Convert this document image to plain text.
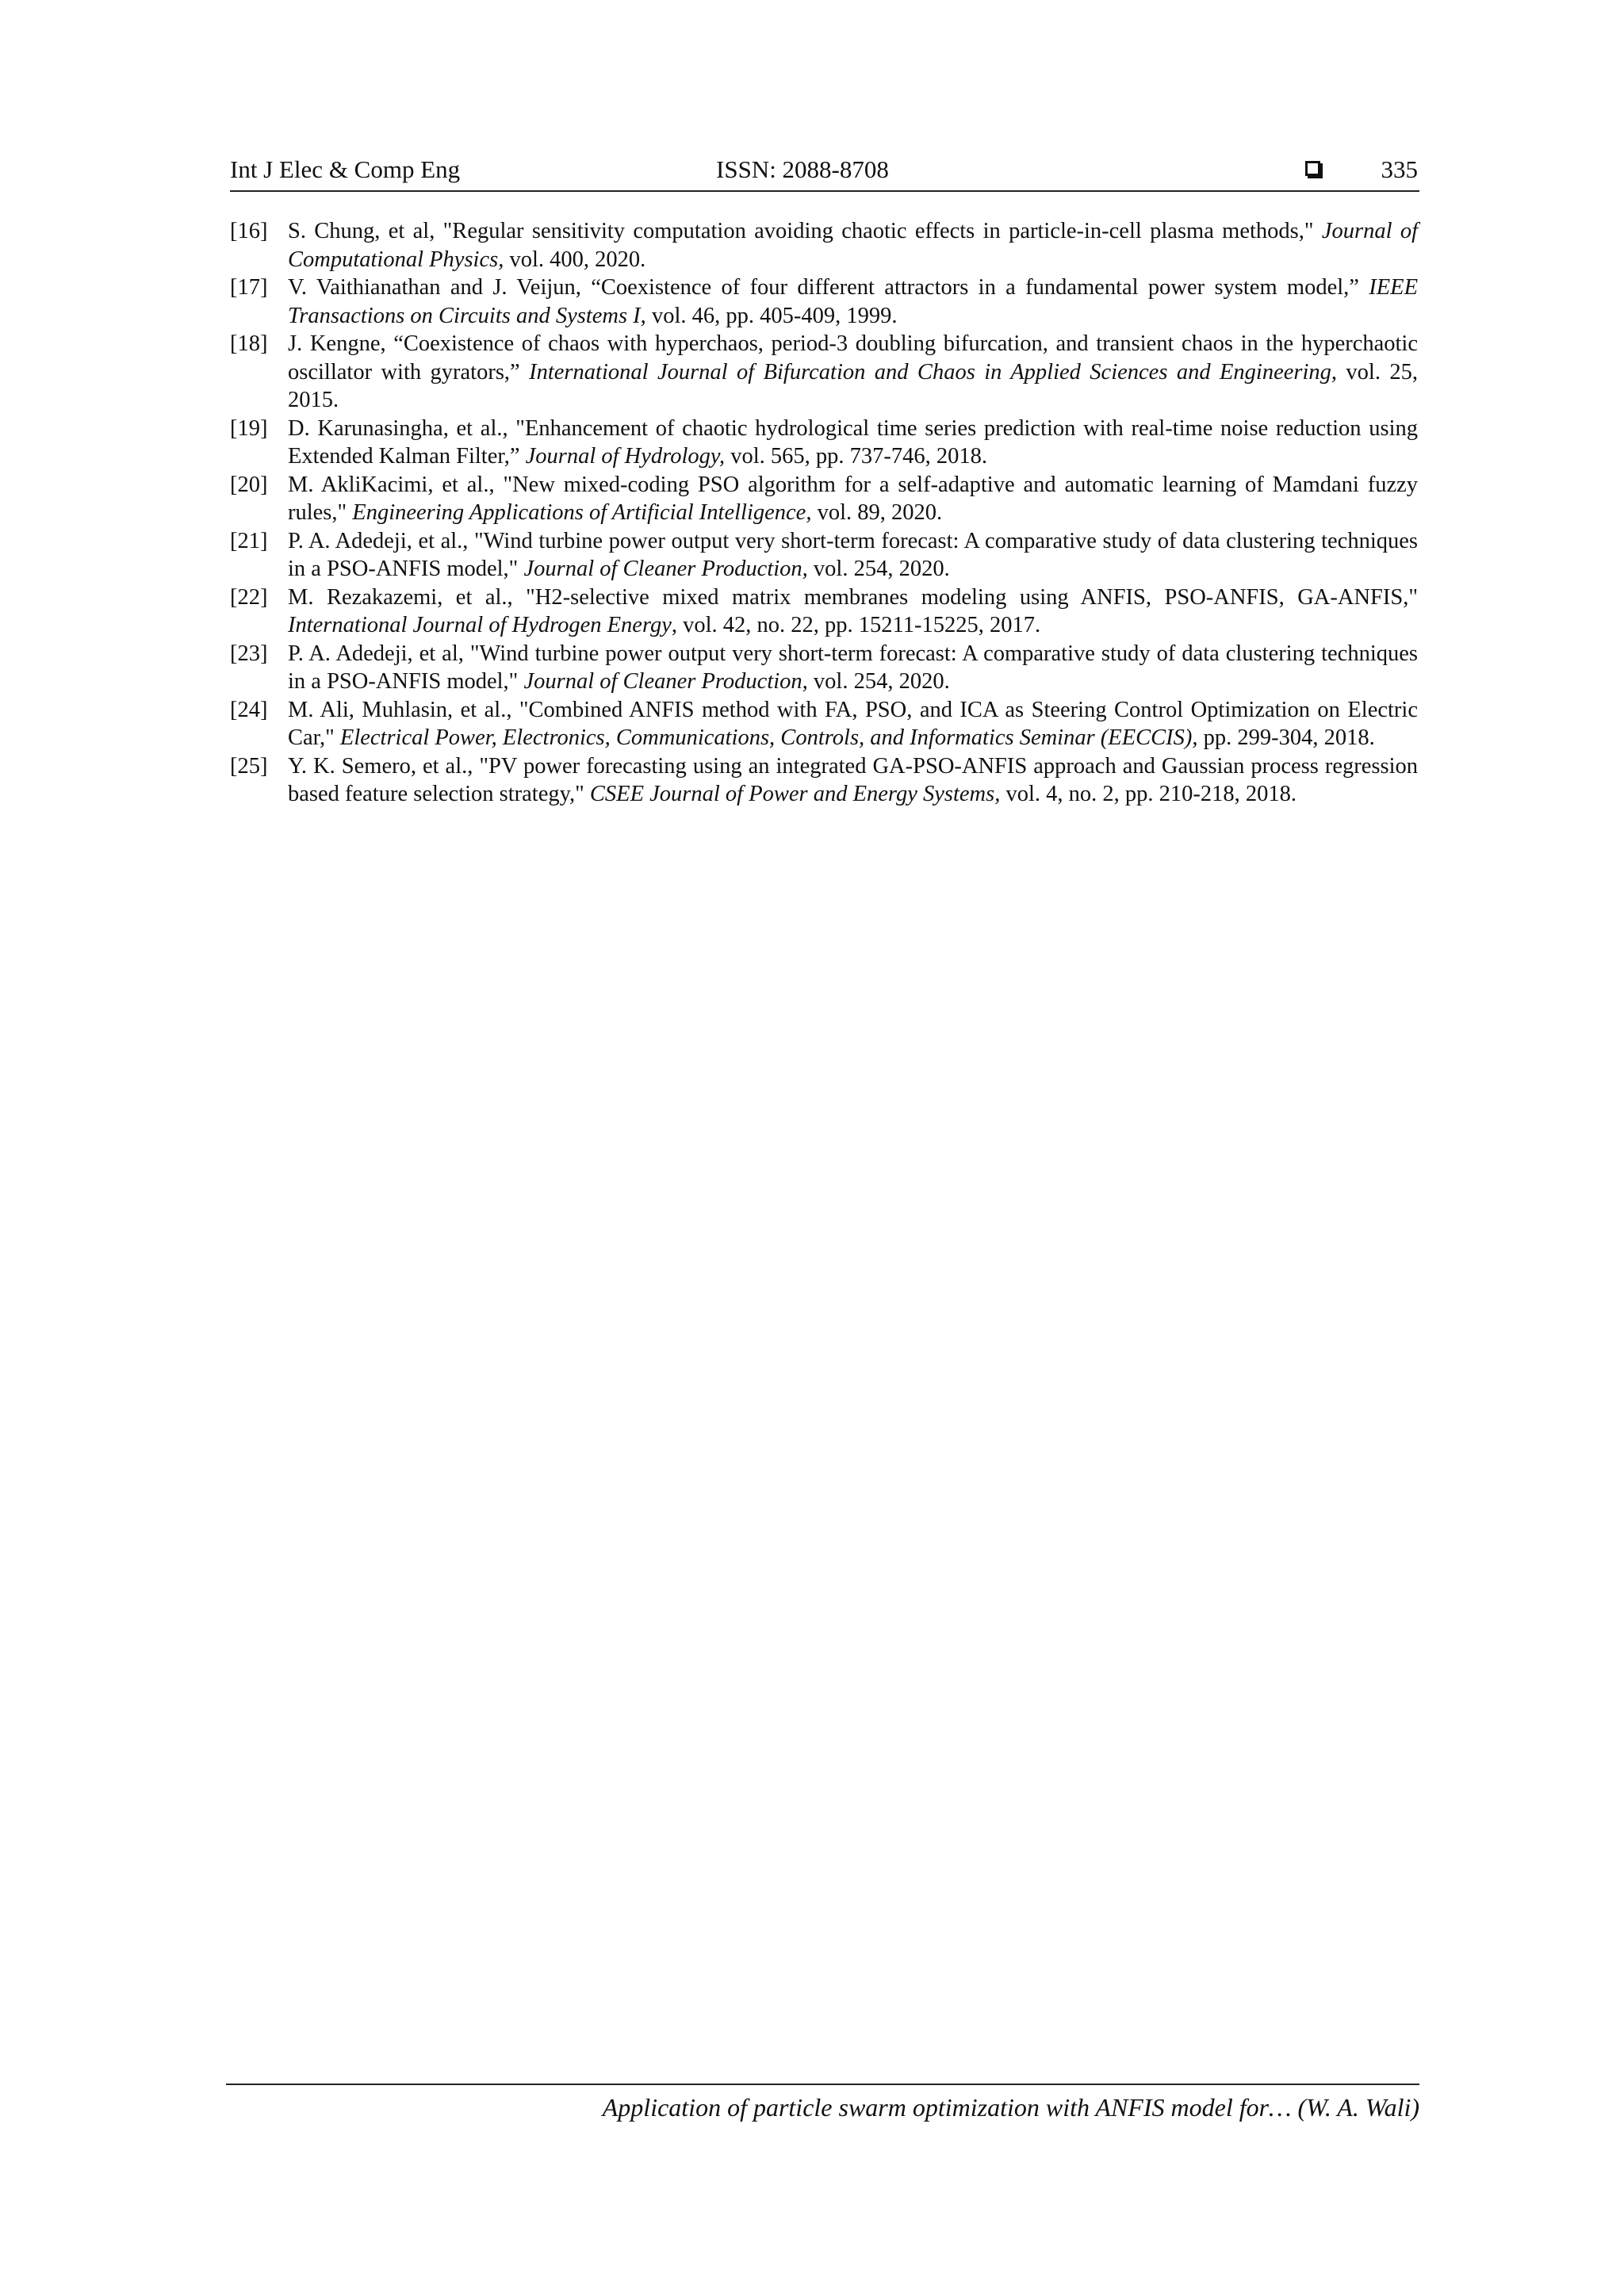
Int J Elec & Comp Eng	ISSN: 2088-8708	335
[16] S. Chung, et al, "Regular sensitivity computation avoiding chaotic effects in particle-in-cell plasma methods," Journal of Computational Physics, vol. 400, 2020.
[17] V. Vaithianathan and J. Veijun, “Coexistence of four different attractors in a fundamental power system model,” IEEE Transactions on Circuits and Systems I, vol. 46, pp. 405-409, 1999.
[18] J. Kengne, “Coexistence of chaos with hyperchaos, period-3 doubling bifurcation, and transient chaos in the hyperchaotic oscillator with gyrators,” International Journal of Bifurcation and Chaos in Applied Sciences and Engineering, vol. 25, 2015.
[19] D. Karunasingha, et al., "Enhancement of chaotic hydrological time series prediction with real-time noise reduction using Extended Kalman Filter,” Journal of Hydrology, vol. 565, pp. 737-746, 2018.
[20] M. AkliKacimi, et al., "New mixed-coding PSO algorithm for a self-adaptive and automatic learning of Mamdani fuzzy rules," Engineering Applications of Artificial Intelligence, vol. 89, 2020.
[21] P. A. Adedeji, et al., "Wind turbine power output very short-term forecast: A comparative study of data clustering techniques in a PSO-ANFIS model," Journal of Cleaner Production, vol. 254, 2020.
[22] M. Rezakazemi, et al., "H2-selective mixed matrix membranes modeling using ANFIS, PSO-ANFIS, GA-ANFIS," International Journal of Hydrogen Energy, vol. 42, no. 22, pp. 15211-15225, 2017.
[23] P. A. Adedeji, et al, "Wind turbine power output very short-term forecast: A comparative study of data clustering techniques in a PSO-ANFIS model," Journal of Cleaner Production, vol. 254, 2020.
[24] M. Ali, Muhlasin, et al., "Combined ANFIS method with FA, PSO, and ICA as Steering Control Optimization on Electric Car," Electrical Power, Electronics, Communications, Controls, and Informatics Seminar (EECCIS), pp. 299-304, 2018.
[25] Y. K. Semero, et al., "PV power forecasting using an integrated GA-PSO-ANFIS approach and Gaussian process regression based feature selection strategy," CSEE Journal of Power and Energy Systems, vol. 4, no. 2, pp. 210-218, 2018.
Application of particle swarm optimization with ANFIS model for… (W. A. Wali)
